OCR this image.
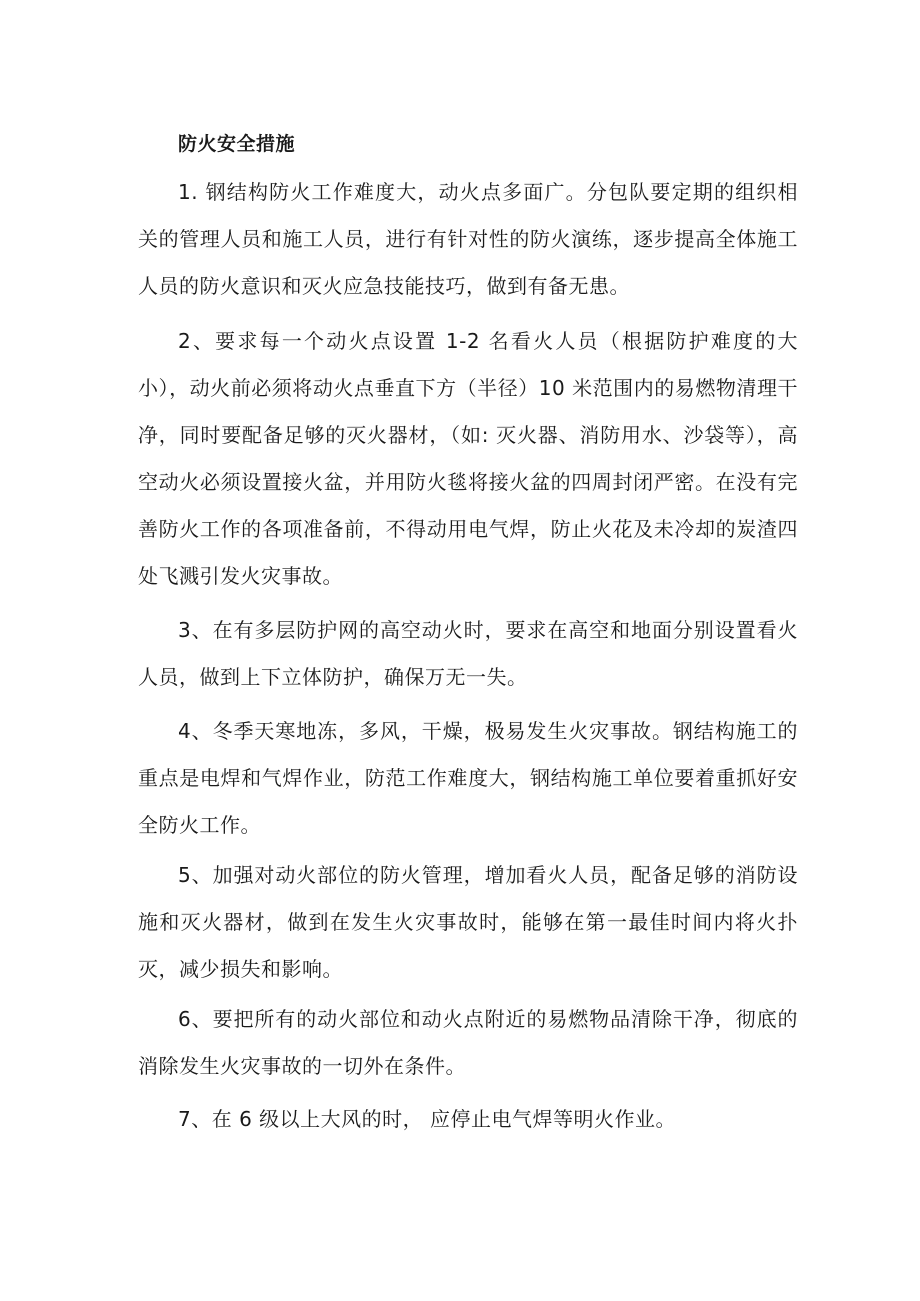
防火安全措施

1. 钢结构防火工作难度大，动火点多面广。分包队要定期的组织相关的管理人员和施工人员，进行有针对性的防火演练，逐步提高全体施工人员的防火意识和灭火应急技能技巧，做到有备无患。

2、要求每一个动火点设置 1-2 名看火人员（根据防护难度的大小），动火前必须将动火点垂直下方（半径）10 米范围内的易燃物清理干净，同时要配备足够的灭火器材，（如: 灭火器、消防用水、沙袋等），高空动火必须设置接火盆，并用防火毯将接火盆的四周封闭严密。在没有完善防火工作的各项准备前，不得动用电气焊，防止火花及未冷却的炭渣四处飞溅引发火灾事故。

3、在有多层防护网的高空动火时，要求在高空和地面分别设置看火人员，做到上下立体防护，确保万无一失。

4、冬季天寒地冻，多风，干燥，极易发生火灾事故。钢结构施工的重点是电焊和气焊作业，防范工作难度大，钢结构施工单位要着重抓好安全防火工作。

5、加强对动火部位的防火管理，增加看火人员，配备足够的消防设施和灭火器材，做到在发生火灾事故时，能够在第一最佳时间内将火扑灭，减少损失和影响。

6、要把所有的动火部位和动火点附近的易燃物品清除干净，彻底的消除发生火灾事故的一切外在条件。

7、在 6 级以上大风的时， 应停止电气焊等明火作业。
